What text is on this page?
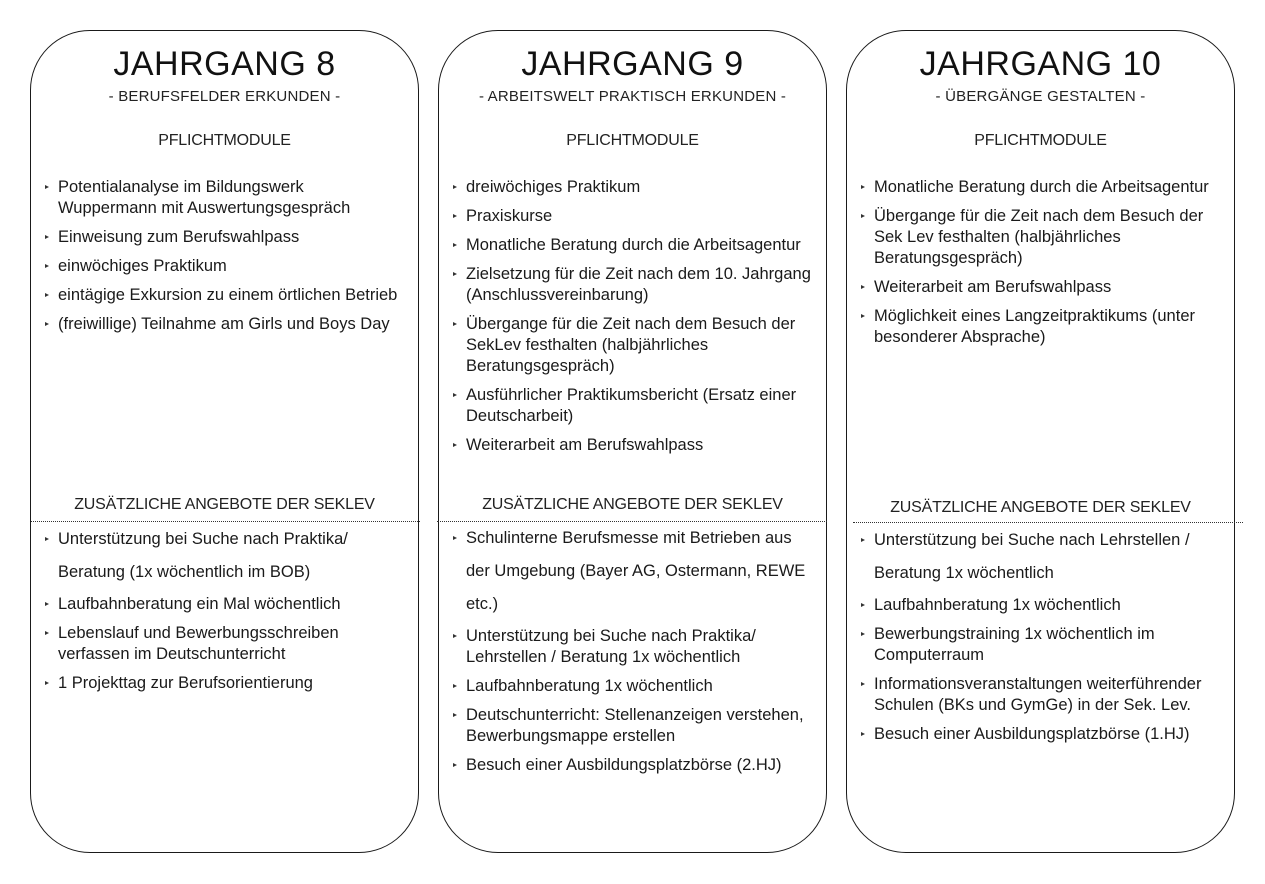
JAHRGANG 8
- BERUFSFELDER ERKUNDEN -
PFLICHTMODULE
Potentialanalyse im Bildungswerk Wuppermann mit Auswertungsgespräch
Einweisung zum Berufswahlpass
einwöchiges Praktikum
eintägige Exkursion zu einem örtlichen Betrieb
(freiwillige) Teilnahme am Girls und Boys Day
ZUSÄTZLICHE ANGEBOTE DER SEKLEV
Unterstützung bei Suche nach Praktika/ Beratung (1x wöchentlich im BOB)
Laufbahnberatung ein Mal wöchentlich
Lebenslauf und Bewerbungsschreiben verfassen im Deutschunterricht
1 Projekttag zur Berufsorientierung
JAHRGANG 9
- ARBEITSWELT PRAKTISCH ERKUNDEN -
PFLICHTMODULE
dreiwöchiges Praktikum
Praxiskurse
Monatliche Beratung durch die Arbeitsagentur
Zielsetzung für die Zeit nach dem 10. Jahrgang (Anschlussvereinbarung)
Übergange für die Zeit nach dem Besuch der SekLev festhalten (halbjährliches Beratungsgespräch)
Ausführlicher Praktikumsbericht (Ersatz einer Deutscharbeit)
Weiterarbeit am Berufswahlpass
ZUSÄTZLICHE ANGEBOTE DER SEKLEV
Schulinterne Berufsmesse mit Betrieben aus der Umgebung (Bayer AG, Ostermann, REWE etc.)
Unterstützung bei Suche nach Praktika/ Lehrstellen / Beratung 1x wöchentlich
Laufbahnberatung 1x wöchentlich
Deutschunterricht: Stellenanzeigen verstehen, Bewerbungsmappe erstellen
Besuch einer Ausbildungsplatzbörse (2.HJ)
JAHRGANG 10
- ÜBERGÄNGE GESTALTEN -
PFLICHTMODULE
Monatliche Beratung durch die Arbeitsagentur
Übergange für die Zeit nach dem Besuch der Sek Lev festhalten (halbjährliches Beratungsgespräch)
Weiterarbeit am Berufswahlpass
Möglichkeit eines Langzeitpraktikums (unter besonderer Absprache)
ZUSÄTZLICHE ANGEBOTE DER SEKLEV
Unterstützung bei Suche nach Lehrstellen / Beratung 1x wöchentlich
Laufbahnberatung 1x wöchentlich
Bewerbungstraining 1x wöchentlich im Computerraum
Informationsveranstaltungen weiterführender Schulen (BKs und GymGe) in der Sek. Lev.
Besuch einer Ausbildungsplatzbörse (1.HJ)
